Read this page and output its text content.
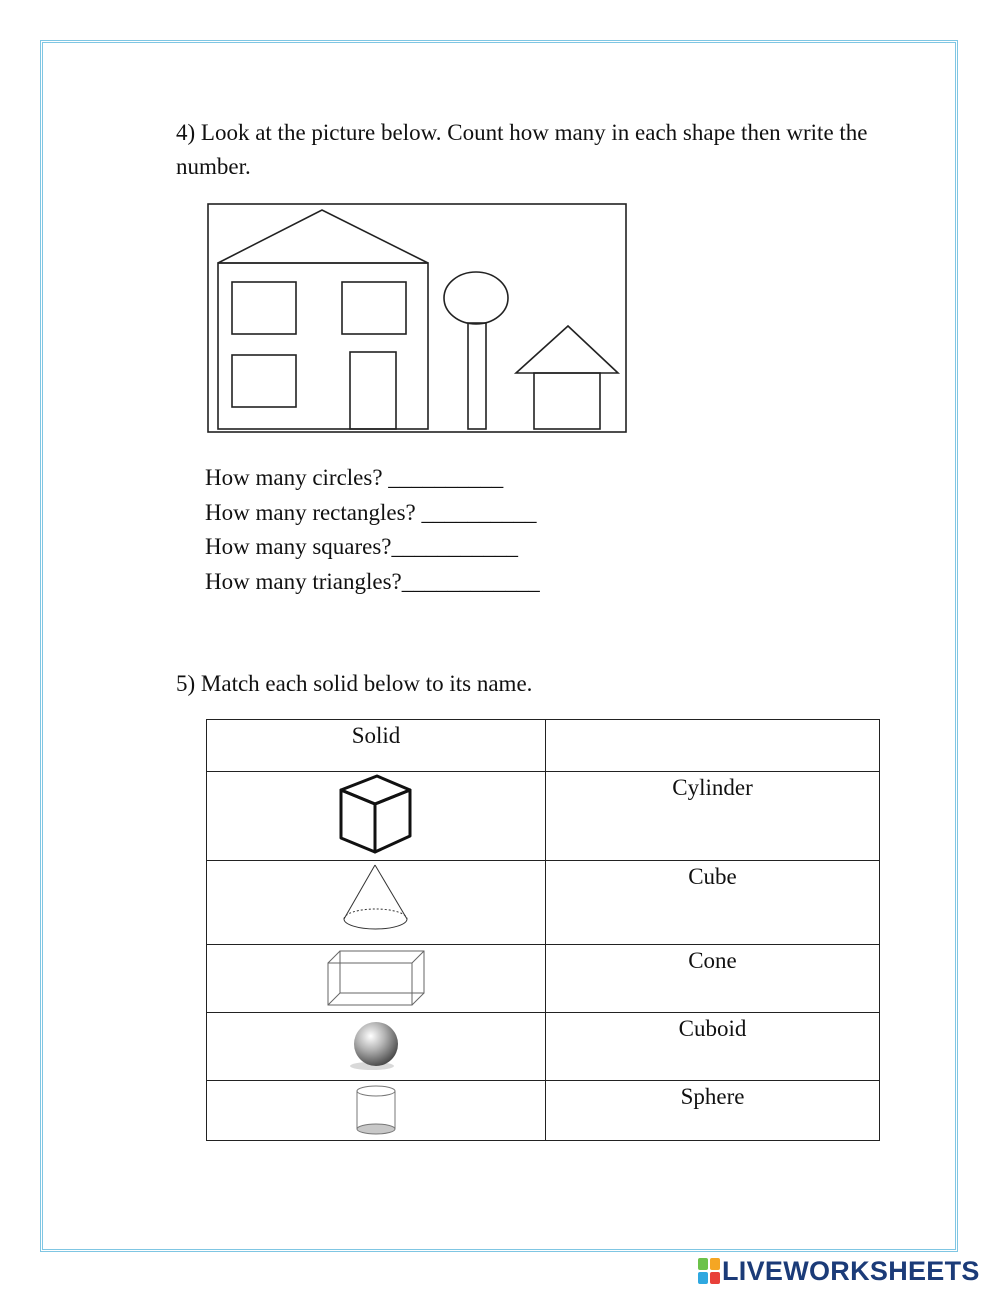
4) Look at the picture below. Count how many in each shape then write the number.

How many circles? __________
How many rectangles? __________
How many squares?___________
How many triangles?____________

5) Match each solid below to its name.

Solid	

Cylinder

Cube

Cone

Cuboid

Sphere
LIVEWORKSHEETS
